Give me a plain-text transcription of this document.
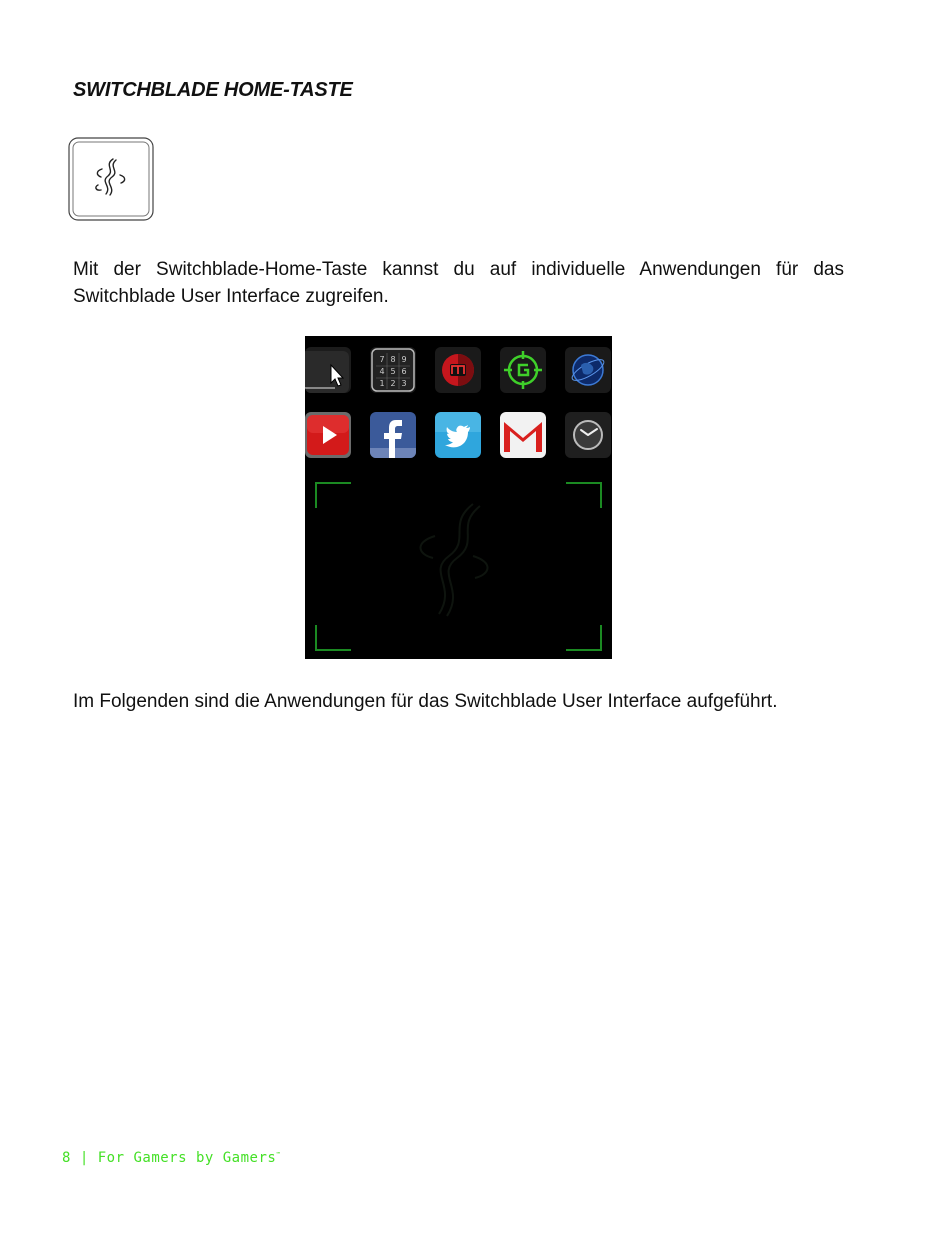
SWITCHBLADE HOME-TASTE

Mit der Switchblade-Home-Taste kannst du auf individuelle Anwendungen für das Switchblade User Interface zugreifen.

7 8 9
4 5 6
1 2 3

Im Folgenden sind die Anwendungen für das Switchblade User Interface aufgeführt.

8 | For Gamers by Gamers™
